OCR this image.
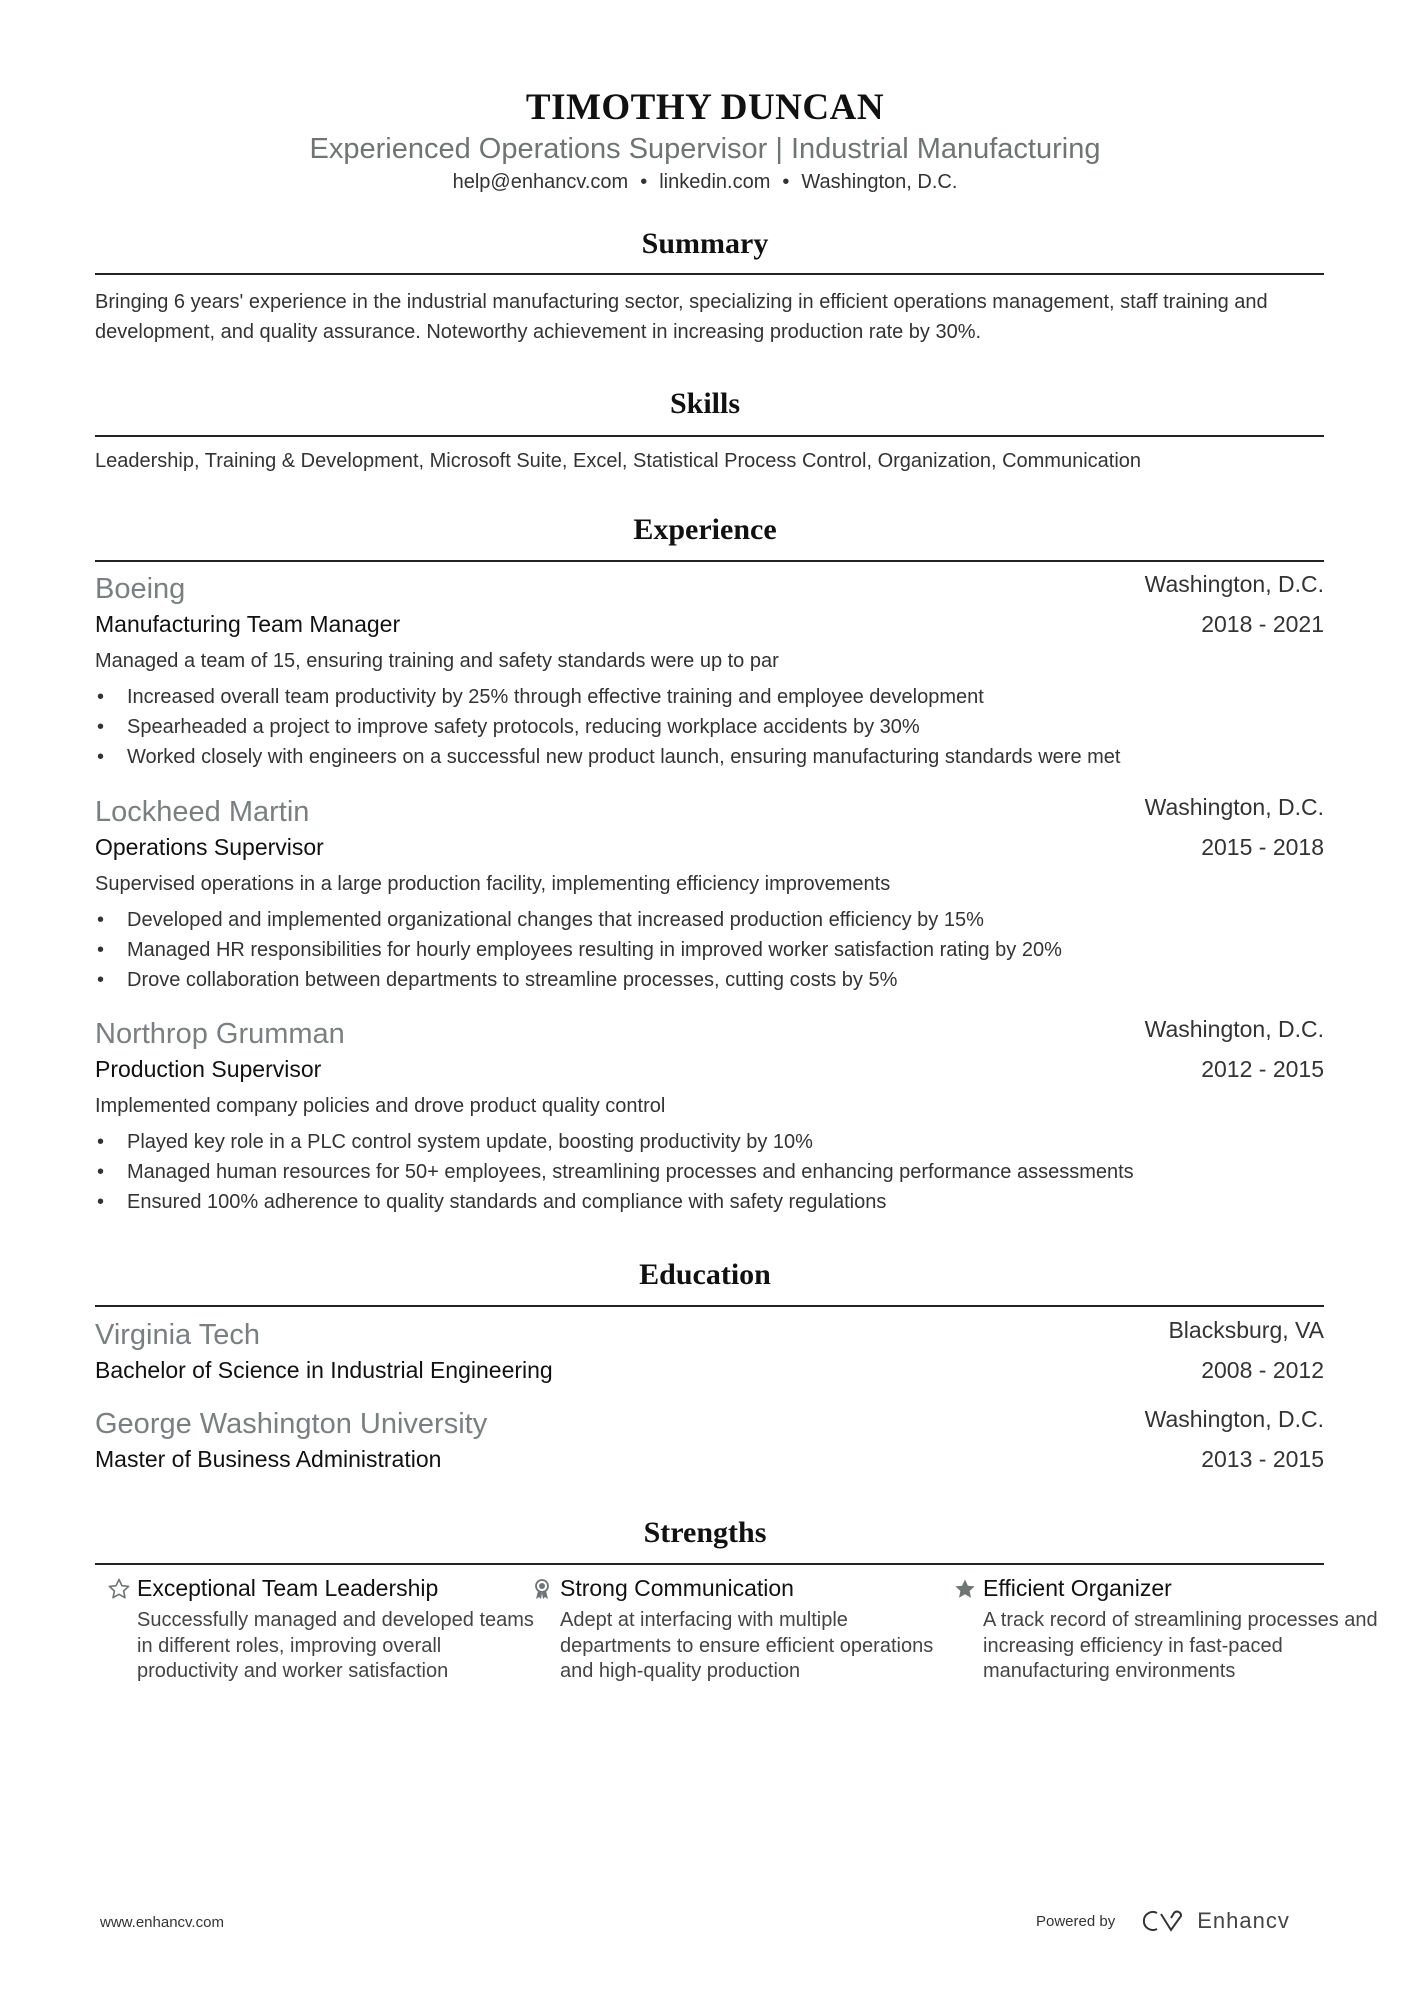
TIMOTHY DUNCAN
Experienced Operations Supervisor | Industrial Manufacturing
help@enhancv.com • linkedin.com • Washington, D.C.
Summary
Bringing 6 years' experience in the industrial manufacturing sector, specializing in efficient operations management, staff training and development, and quality assurance. Noteworthy achievement in increasing production rate by 30%.
Skills
Leadership, Training & Development, Microsoft Suite, Excel, Statistical Process Control, Organization, Communication
Experience
Boeing	Washington, D.C.
Manufacturing Team Manager	2018 - 2021
Managed a team of 15, ensuring training and safety standards were up to par
• Increased overall team productivity by 25% through effective training and employee development
• Spearheaded a project to improve safety protocols, reducing workplace accidents by 30%
• Worked closely with engineers on a successful new product launch, ensuring manufacturing standards were met
Lockheed Martin	Washington, D.C.
Operations Supervisor	2015 - 2018
Supervised operations in a large production facility, implementing efficiency improvements
• Developed and implemented organizational changes that increased production efficiency by 15%
• Managed HR responsibilities for hourly employees resulting in improved worker satisfaction rating by 20%
• Drove collaboration between departments to streamline processes, cutting costs by 5%
Northrop Grumman	Washington, D.C.
Production Supervisor	2012 - 2015
Implemented company policies and drove product quality control
• Played key role in a PLC control system update, boosting productivity by 10%
• Managed human resources for 50+ employees, streamlining processes and enhancing performance assessments
• Ensured 100% adherence to quality standards and compliance with safety regulations
Education
Virginia Tech	Blacksburg, VA
Bachelor of Science in Industrial Engineering	2008 - 2012
George Washington University	Washington, D.C.
Master of Business Administration	2013 - 2015
Strengths
Exceptional Team Leadership
Successfully managed and developed teams in different roles, improving overall productivity and worker satisfaction
Strong Communication
Adept at interfacing with multiple departments to ensure efficient operations and high-quality production
Efficient Organizer
A track record of streamlining processes and increasing efficiency in fast-paced manufacturing environments
www.enhancv.com	Powered by	Enhancv
